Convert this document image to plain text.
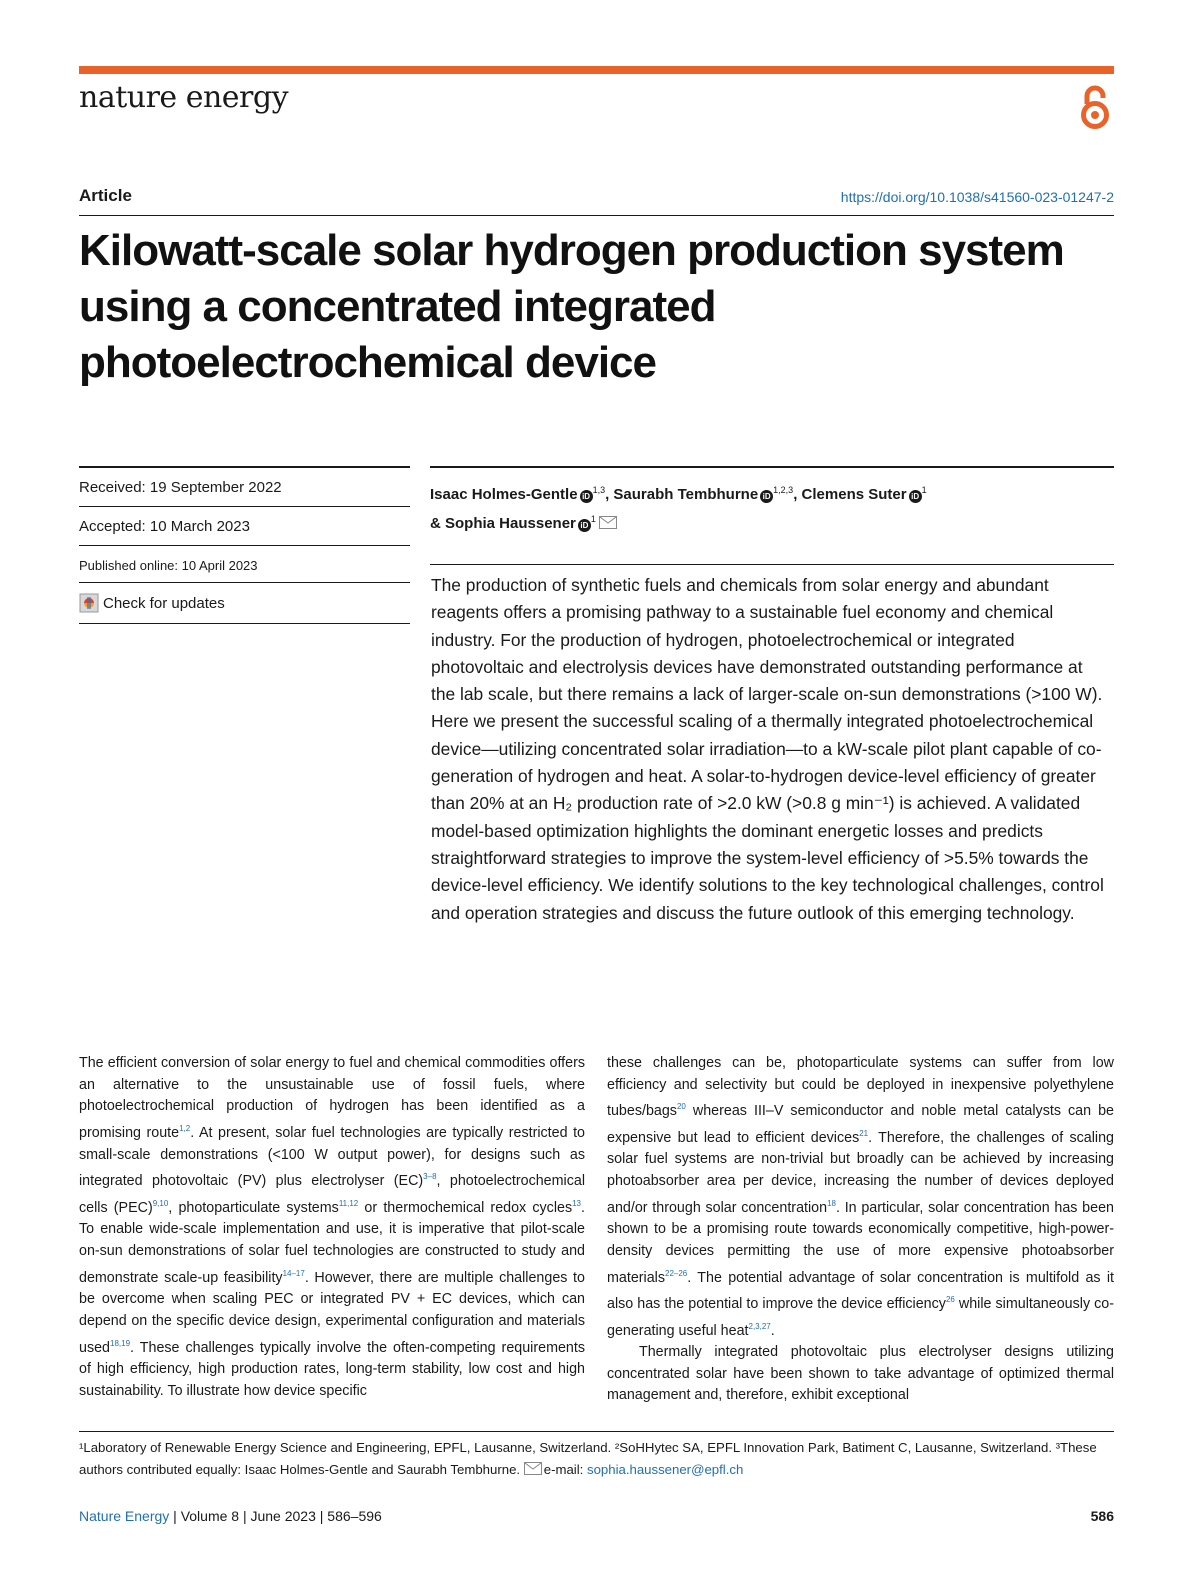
nature energy
Article	https://doi.org/10.1038/s41560-023-01247-2
Kilowatt-scale solar hydrogen production system using a concentrated integrated photoelectrochemical device
Received: 19 September 2022
Accepted: 10 March 2023
Published online: 10 April 2023
Check for updates
Isaac Holmes-Gentle iD$^{1,3}$, Saurabh Tembhurne iD$^{1,2,3}$, Clemens Suter $iD^1$
& Sophia Haussener $iD^1$
The production of synthetic fuels and chemicals from solar energy and abundant reagents offers a promising pathway to a sustainable fuel economy and chemical industry. For the production of hydrogen, photoelectrochemical or integrated photovoltaic and electrolysis devices have demonstrated outstanding performance at the lab scale, but there remains a lack of larger-scale on-sun demonstrations (>100 W). Here we present the successful scaling of a thermally integrated photoelectrochemical device—utilizing concentrated solar irradiation—to a kW-scale pilot plant capable of co-generation of hydrogen and heat. A solar-to-hydrogen device-level efficiency of greater than 20% at an H₂ production rate of >2.0 kW (>0.8 g min⁻¹) is achieved. A validated model-based optimization highlights the dominant energetic losses and predicts straightforward strategies to improve the system-level efficiency of >5.5% towards the device-level efficiency. We identify solutions to the key technological challenges, control and operation strategies and discuss the future outlook of this emerging technology.
The efficient conversion of solar energy to fuel and chemical commodities offers an alternative to the unsustainable use of fossil fuels, where photoelectrochemical production of hydrogen has been identified as a promising route$^{1,2}$. At present, solar fuel technologies are typically restricted to small-scale demonstrations (<100 W output power), for designs such as integrated photovoltaic (PV) plus electrolyser (EC)$^{3-8}$, photoelectrochemical cells (PEC)$^{9,10}$, photoparticulate systems$^{11,12}$ or thermochemical redox cycles$^{13}$. To enable wide-scale implementation and use, it is imperative that pilot-scale on-sun demonstrations of solar fuel technologies are constructed to study and demonstrate scale-up feasibility$^{14-17}$. However, there are multiple challenges to be overcome when scaling PEC or integrated PV + EC devices, which can depend on the specific device design, experimental configuration and materials used$^{18,19}$. These challenges typically involve the often-competing requirements of high efficiency, high production rates, long-term stability, low cost and high sustainability. To illustrate how device specific
these challenges can be, photoparticulate systems can suffer from low efficiency and selectivity but could be deployed in inexpensive polyethylene tubes/bags$^{20}$ whereas III–V semiconductor and noble metal catalysts can be expensive but lead to efficient devices$^{21}$. Therefore, the challenges of scaling solar fuel systems are non-trivial but broadly can be achieved by increasing photoabsorber area per device, increasing the number of devices deployed and/or through solar concentration$^{18}$. In particular, solar concentration has been shown to be a promising route towards economically competitive, high-power-density devices permitting the use of more expensive photoabsorber materials$^{22-26}$. The potential advantage of solar concentration is multifold as it also has the potential to improve the device efficiency$^{26}$ while simultaneously co-generating useful heat$^{2,3,27}$.
Thermally integrated photovoltaic plus electrolyser designs utilizing concentrated solar have been shown to take advantage of optimized thermal management and, therefore, exhibit exceptional
¹Laboratory of Renewable Energy Science and Engineering, EPFL, Lausanne, Switzerland. ²SoHHytec SA, EPFL Innovation Park, Batiment C, Lausanne, Switzerland. ³These authors contributed equally: Isaac Holmes-Gentle and Saurabh Tembhurne.
e-mail: sophia.haussener@epfl.ch
Nature Energy | Volume 8 | June 2023 | 586–596	586
